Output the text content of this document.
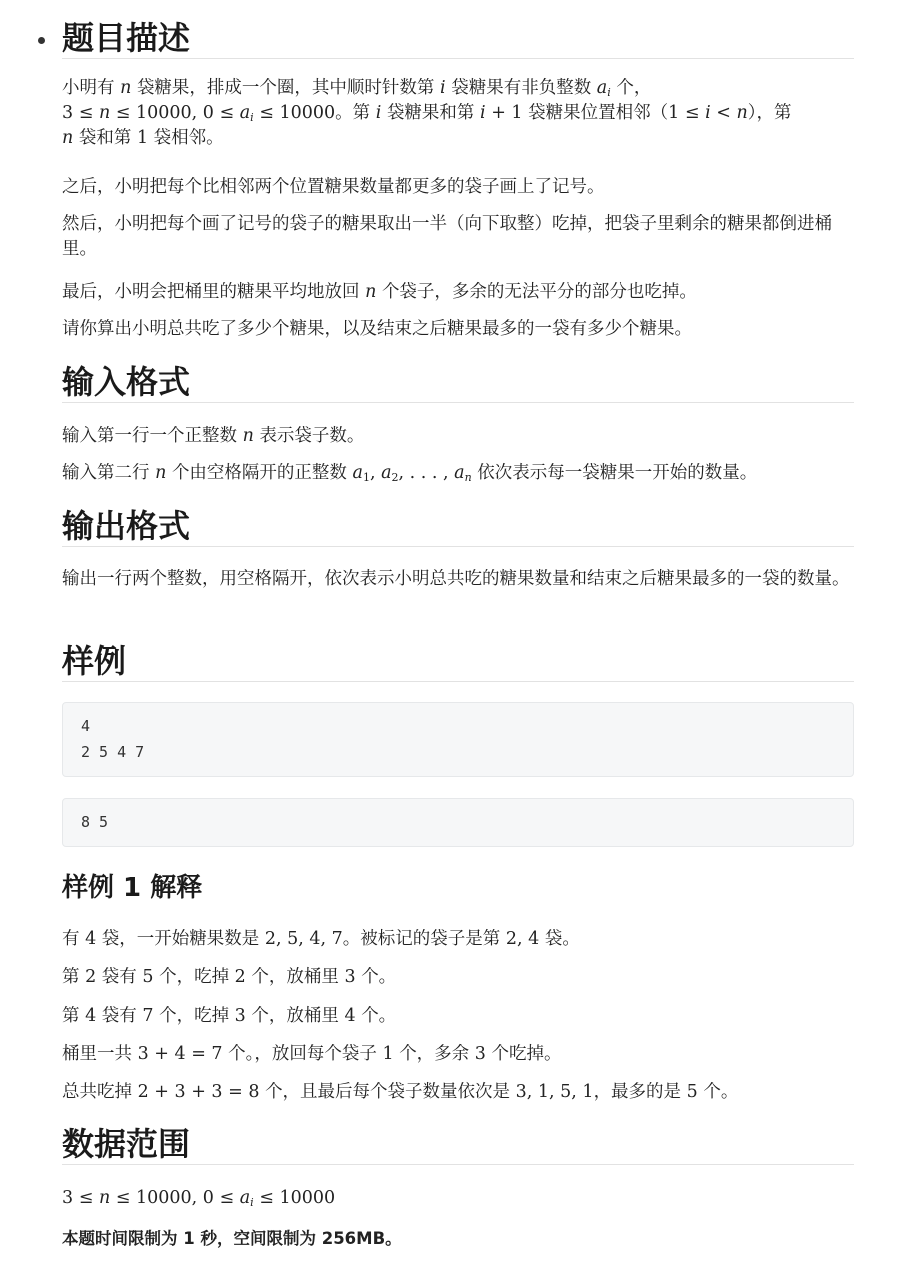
题目描述
小明有 n 袋糖果，排成一个圈，其中顺时针数第 i 袋糖果有非负整数 $a_i$ 个，
3 ≤ n ≤ 10000, $0 \le a_i \le 10000$。第 i 袋糖果和第 i + 1 袋糖果位置相邻（1 ≤ i < n），第
n 袋和第 1 袋相邻。
之后，小明把每个比相邻两个位置糖果数量都更多的袋子画上了记号。
然后，小明把每个画了记号的袋子的糖果取出一半（向下取整）吃掉，把袋子里剩余的糖果都倒进桶里。
最后，小明会把桶里的糖果平均地放回 n 个袋子，多余的无法平分的部分也吃掉。
请你算出小明总共吃了多少个糖果，以及结束之后糖果最多的一袋有多少个糖果。
输入格式
输入第一行一个正整数 n 表示袋子数。
输入第二行 n 个由空格隔开的正整数 $a_1$, $a_2$, . . . , $a_n$ 依次表示每一袋糖果一开始的数量。
输出格式
输出一行两个整数，用空格隔开，依次表示小明总共吃的糖果数量和结束之后糖果最多的一袋的数量。
样例
4
2 5 4 7
8 5
样例 1 解释
有 4 袋，一开始糖果数是 2, 5, 4, 7。被标记的袋子是第 2, 4 袋。
第 2 袋有 5 个，吃掉 2 个，放桶里 3 个。
第 4 袋有 7 个，吃掉 3 个，放桶里 4 个。
桶里一共 3 + 4 = 7 个。，放回每个袋子 1 个，多余 3 个吃掉。
总共吃掉 2 + 3 + 3 = 8 个，且最后每个袋子数量依次是 3, 1, 5, 1，最多的是 5 个。
数据范围
3 ≤ n ≤ 10000, $0 \le a_i \le 10000$
本题时间限制为 1 秒，空间限制为 256MB。
